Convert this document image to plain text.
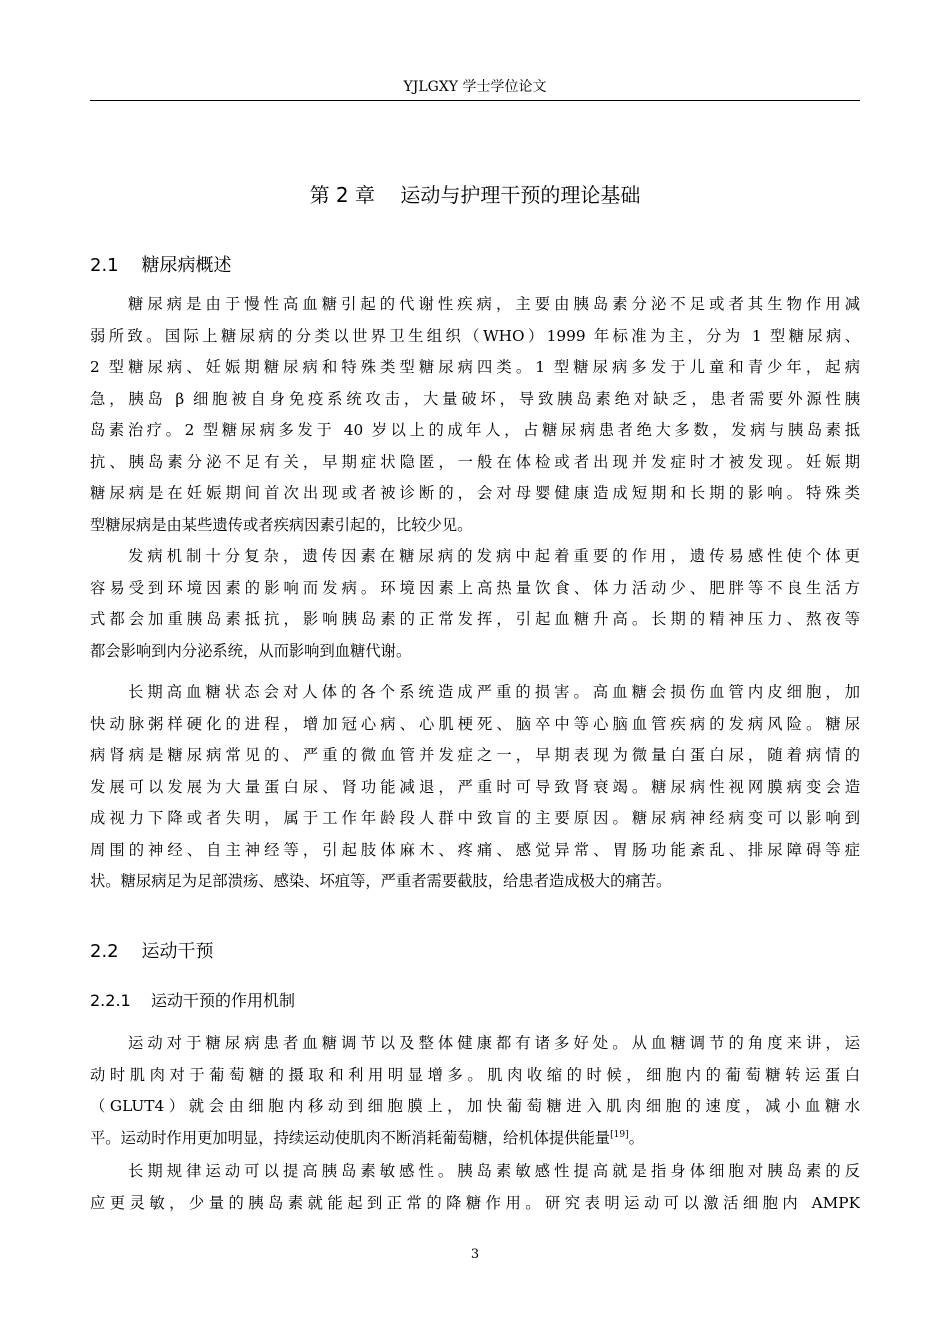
YJLGXY 学士学位论文
第 2 章    运动与护理干预的理论基础
2.1    糖尿病概述
糖尿病是由于慢性高血糖引起的代谢性疾病，主要由胰岛素分泌不足或者其生物作用减
弱所致。国际上糖尿病的分类以世界卫生组织（WHO）1999 年标准为主，分为 1 型糖尿病、
2 型糖尿病、妊娠期糖尿病和特殊类型糖尿病四类。1 型糖尿病多发于儿童和青少年，起病
急，胰岛 β 细胞被自身免疫系统攻击，大量破坏，导致胰岛素绝对缺乏，患者需要外源性胰
岛素治疗。2 型糖尿病多发于 40 岁以上的成年人，占糖尿病患者绝大多数，发病与胰岛素抵
抗、胰岛素分泌不足有关，早期症状隐匿，一般在体检或者出现并发症时才被发现。妊娠期
糖尿病是在妊娠期间首次出现或者被诊断的，会对母婴健康造成短期和长期的影响。特殊类
型糖尿病是由某些遗传或者疾病因素引起的，比较少见。
发病机制十分复杂，遗传因素在糖尿病的发病中起着重要的作用，遗传易感性使个体更
容易受到环境因素的影响而发病。环境因素上高热量饮食、体力活动少、肥胖等不良生活方
式都会加重胰岛素抵抗，影响胰岛素的正常发挥，引起血糖升高。长期的精神压力、熬夜等
都会影响到内分泌系统，从而影响到血糖代谢。
长期高血糖状态会对人体的各个系统造成严重的损害。高血糖会损伤血管内皮细胞，加
快动脉粥样硬化的进程，增加冠心病、心肌梗死、脑卒中等心脑血管疾病的发病风险。糖尿
病肾病是糖尿病常见的、严重的微血管并发症之一，早期表现为微量白蛋白尿，随着病情的
发展可以发展为大量蛋白尿、肾功能减退，严重时可导致肾衰竭。糖尿病性视网膜病变会造
成视力下降或者失明，属于工作年龄段人群中致盲的主要原因。糖尿病神经病变可以影响到
周围的神经、自主神经等，引起肢体麻木、疼痛、感觉异常、胃肠功能紊乱、排尿障碍等症
状。糖尿病足为足部溃疡、感染、坏疽等，严重者需要截肢，给患者造成极大的痛苦。
2.2    运动干预
2.2.1    运动干预的作用机制
运动对于糖尿病患者血糖调节以及整体健康都有诸多好处。从血糖调节的角度来讲，运
动时肌肉对于葡萄糖的摄取和利用明显增多。肌肉收缩的时候，细胞内的葡萄糖转运蛋白
（GLUT4）就会由细胞内移动到细胞膜上，加快葡萄糖进入肌肉细胞的速度，减小血糖水
平。运动时作用更加明显，持续运动使肌肉不断消耗葡萄糖，给机体提供能量[19]。
长期规律运动可以提高胰岛素敏感性。胰岛素敏感性提高就是指身体细胞对胰岛素的反
应更灵敏，少量的胰岛素就能起到正常的降糖作用。研究表明运动可以激活细胞内 AMPK
3
